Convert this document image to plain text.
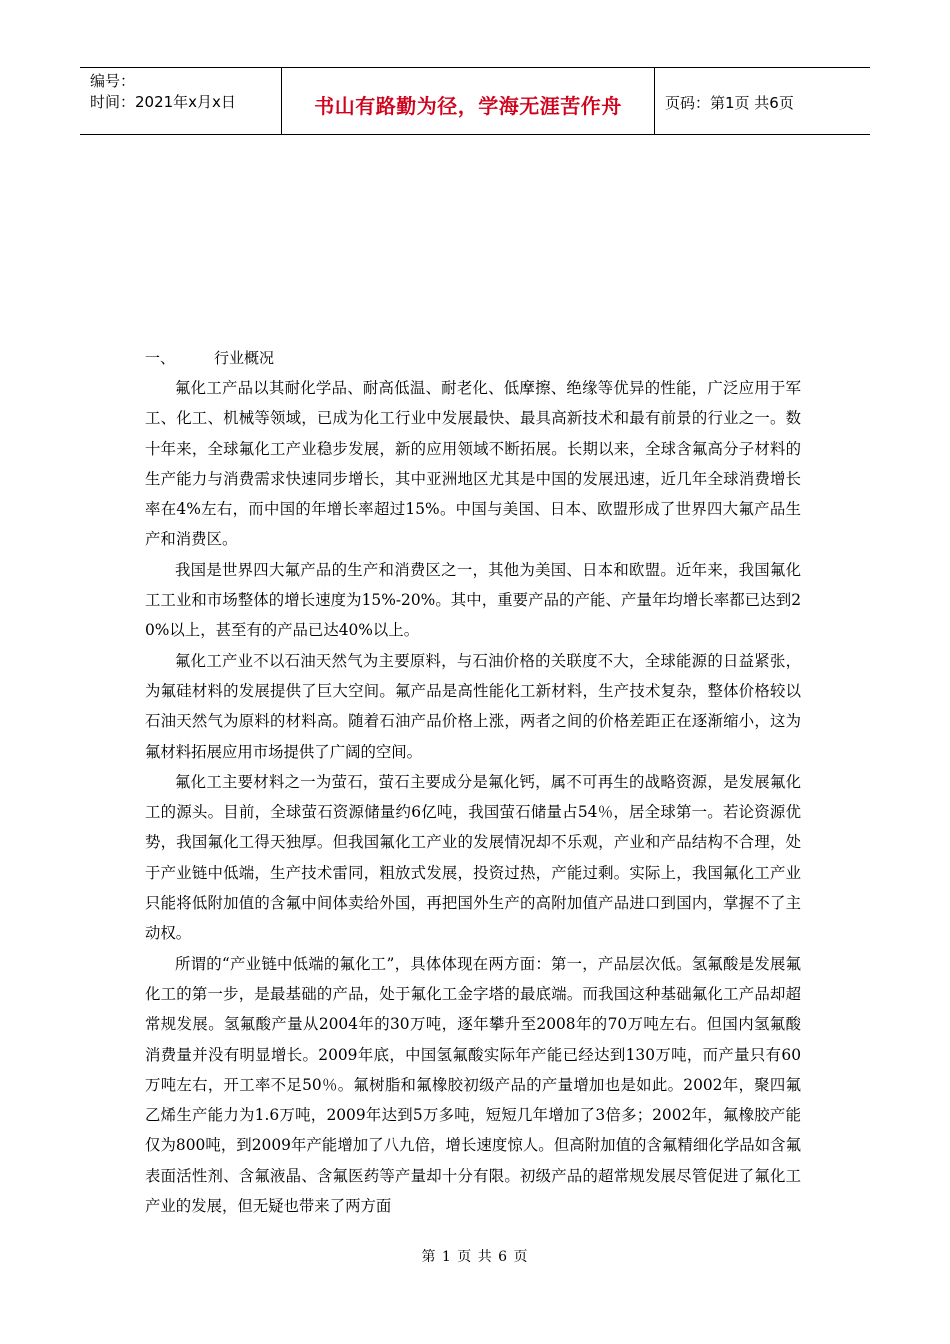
编号：
时间：2021年x月x日	书山有路勤为径，学海无涯苦作舟	页码：第1页 共6页
一、	行业概况

氟化工产品以其耐化学品、耐高低温、耐老化、低摩擦、绝缘等优异的性能，广泛应用于军工、化工、机械等领域，已成为化工行业中发展最快、最具高新技术和最有前景的行业之一。数十年来，全球氟化工产业稳步发展，新的应用领域不断拓展。长期以来，全球含氟高分子材料的生产能力与消费需求快速同步增长，其中亚洲地区尤其是中国的发展迅速，近几年全球消费增长率在4%左右，而中国的年增长率超过15%。中国与美国、日本、欧盟形成了世界四大氟产品生产和消费区。

我国是世界四大氟产品的生产和消费区之一，其他为美国、日本和欧盟。近年来，我国氟化工工业和市场整体的增长速度为15%-20%。其中，重要产品的产能、产量年均增长率都已达到20%以上，甚至有的产品已达40%以上。

氟化工产业不以石油天然气为主要原料，与石油价格的关联度不大，全球能源的日益紧张，为氟硅材料的发展提供了巨大空间。氟产品是高性能化工新材料，生产技术复杂，整体价格较以石油天然气为原料的材料高。随着石油产品价格上涨，两者之间的价格差距正在逐渐缩小，这为氟材料拓展应用市场提供了广阔的空间。

氟化工主要材料之一为萤石，萤石主要成分是氟化钙，属不可再生的战略资源，是发展氟化工的源头。目前，全球萤石资源储量约6亿吨，我国萤石储量占54％，居全球第一。若论资源优势，我国氟化工得天独厚。但我国氟化工产业的发展情况却不乐观，产业和产品结构不合理，处于产业链中低端，生产技术雷同，粗放式发展，投资过热，产能过剩。实际上，我国氟化工产业只能将低附加值的含氟中间体卖给外国，再把国外生产的高附加值产品进口到国内，掌握不了主动权。

所谓的“产业链中低端的氟化工”，具体体现在两方面：第一，产品层次低。氢氟酸是发展氟化工的第一步，是最基础的产品，处于氟化工金字塔的最底端。而我国这种基础氟化工产品却超常规发展。氢氟酸产量从2004年的30万吨，逐年攀升至2008年的70万吨左右。但国内氢氟酸消费量并没有明显增长。2009年底，中国氢氟酸实际年产能已经达到130万吨，而产量只有60万吨左右，开工率不足50％。氟树脂和氟橡胶初级产品的产量增加也是如此。2002年，聚四氟乙烯生产能力为1.6万吨，2009年达到5万多吨，短短几年增加了3倍多；2002年，氟橡胶产能仅为800吨，到2009年产能增加了八九倍，增长速度惊人。但高附加值的含氟精细化学品如含氟表面活性剂、含氟液晶、含氟医药等产量却十分有限。初级产品的超常规发展尽管促进了氟化工产业的发展，但无疑也带来了两方面

第 1 页 共 6 页
